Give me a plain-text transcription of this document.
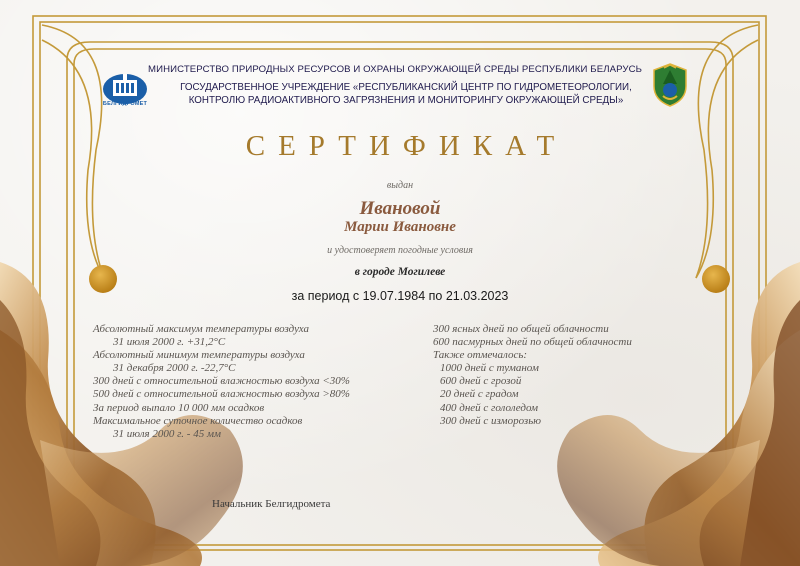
БЕЛГИДРОМЕТ
МИНИСТЕРСТВО ПРИРОДНЫХ РЕСУРСОВ И ОХРАНЫ ОКРУЖАЮЩЕЙ СРЕДЫ РЕСПУБЛИКИ БЕЛАРУСЬ
ГОСУДАРСТВЕННОЕ УЧРЕЖДЕНИЕ «РЕСПУБЛИКАНСКИЙ ЦЕНТР ПО ГИДРОМЕТЕОРОЛОГИИ,
КОНТРОЛЮ РАДИОАКТИВНОГО ЗАГРЯЗНЕНИЯ И МОНИТОРИНГУ ОКРУЖАЮЩЕЙ СРЕДЫ»
СЕРТИФИКАТ
выдан
Ивановой
Марии Ивановне
и удостоверяет погодные условия
в городе Могилеве
за период с 19.07.1984 по 21.03.2023
Абсолютный максимум температуры воздуха
31 июля 2000 г. +31,2°С
Абсолютный минимум температуры воздуха
31 декабря 2000 г. -22,7°С
300 дней с относительной влажностью воздуха <30%
500 дней с относительной влажностью воздуха >80%
За период выпало 10 000 мм осадков
Максимальное суточное количество осадков
31 июля 2000 г. - 45 мм
300 ясных дней по общей облачности
600 пасмурных дней по общей облачности
Также отмечалось:
1000 дней с туманом
600 дней с грозой
20 дней с градом
400 дней с гололедом
300 дней с изморозью
Начальник Белгидромета
